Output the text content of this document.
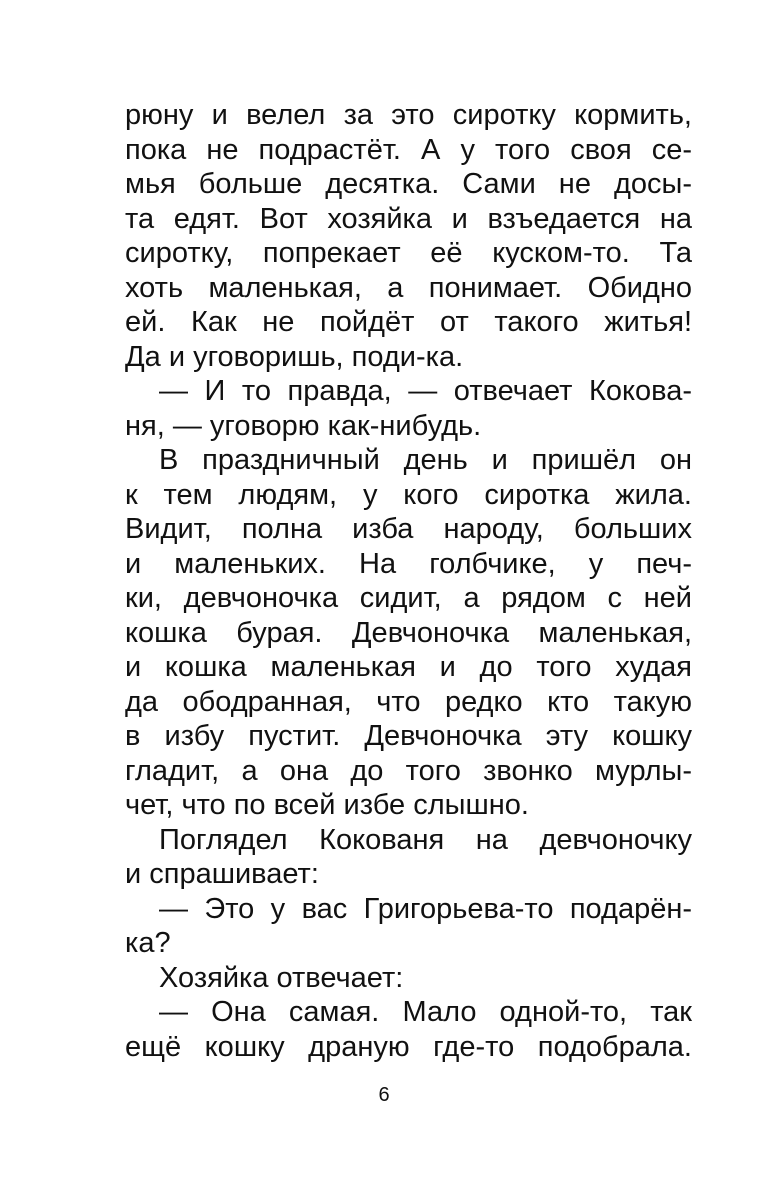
рюну и велел за это сиротку кормить,
пока не подрастёт. А у того своя се-
мья больше десятка. Сами не досы-
та едят. Вот хозяйка и взъедается на
сиротку, попрекает её куском-то. Та
хоть маленькая, а понимает. Обидно
ей. Как не пойдёт от такого житья!
Да и уговоришь, поди-ка.
— И то правда, — отвечает Кокова-
ня, — уговорю как-нибудь.
В праздничный день и пришёл он
к тем людям, у кого сиротка жила.
Видит, полна изба народу, больших
и маленьких. На голбчике, у печ-
ки, девчоночка сидит, а рядом с ней
кошка бурая. Девчоночка маленькая,
и кошка маленькая и до того худая
да ободранная, что редко кто такую
в избу пустит. Девчоночка эту кошку
гладит, а она до того звонко мурлы-
чет, что по всей избе слышно.
Поглядел Кокованя на девчоночку
и спрашивает:
— Это у вас Григорьева-то подарён-
ка?
Хозяйка отвечает:
— Она самая. Мало одной-то, так
ещё кошку драную где-то подобрала.
6
